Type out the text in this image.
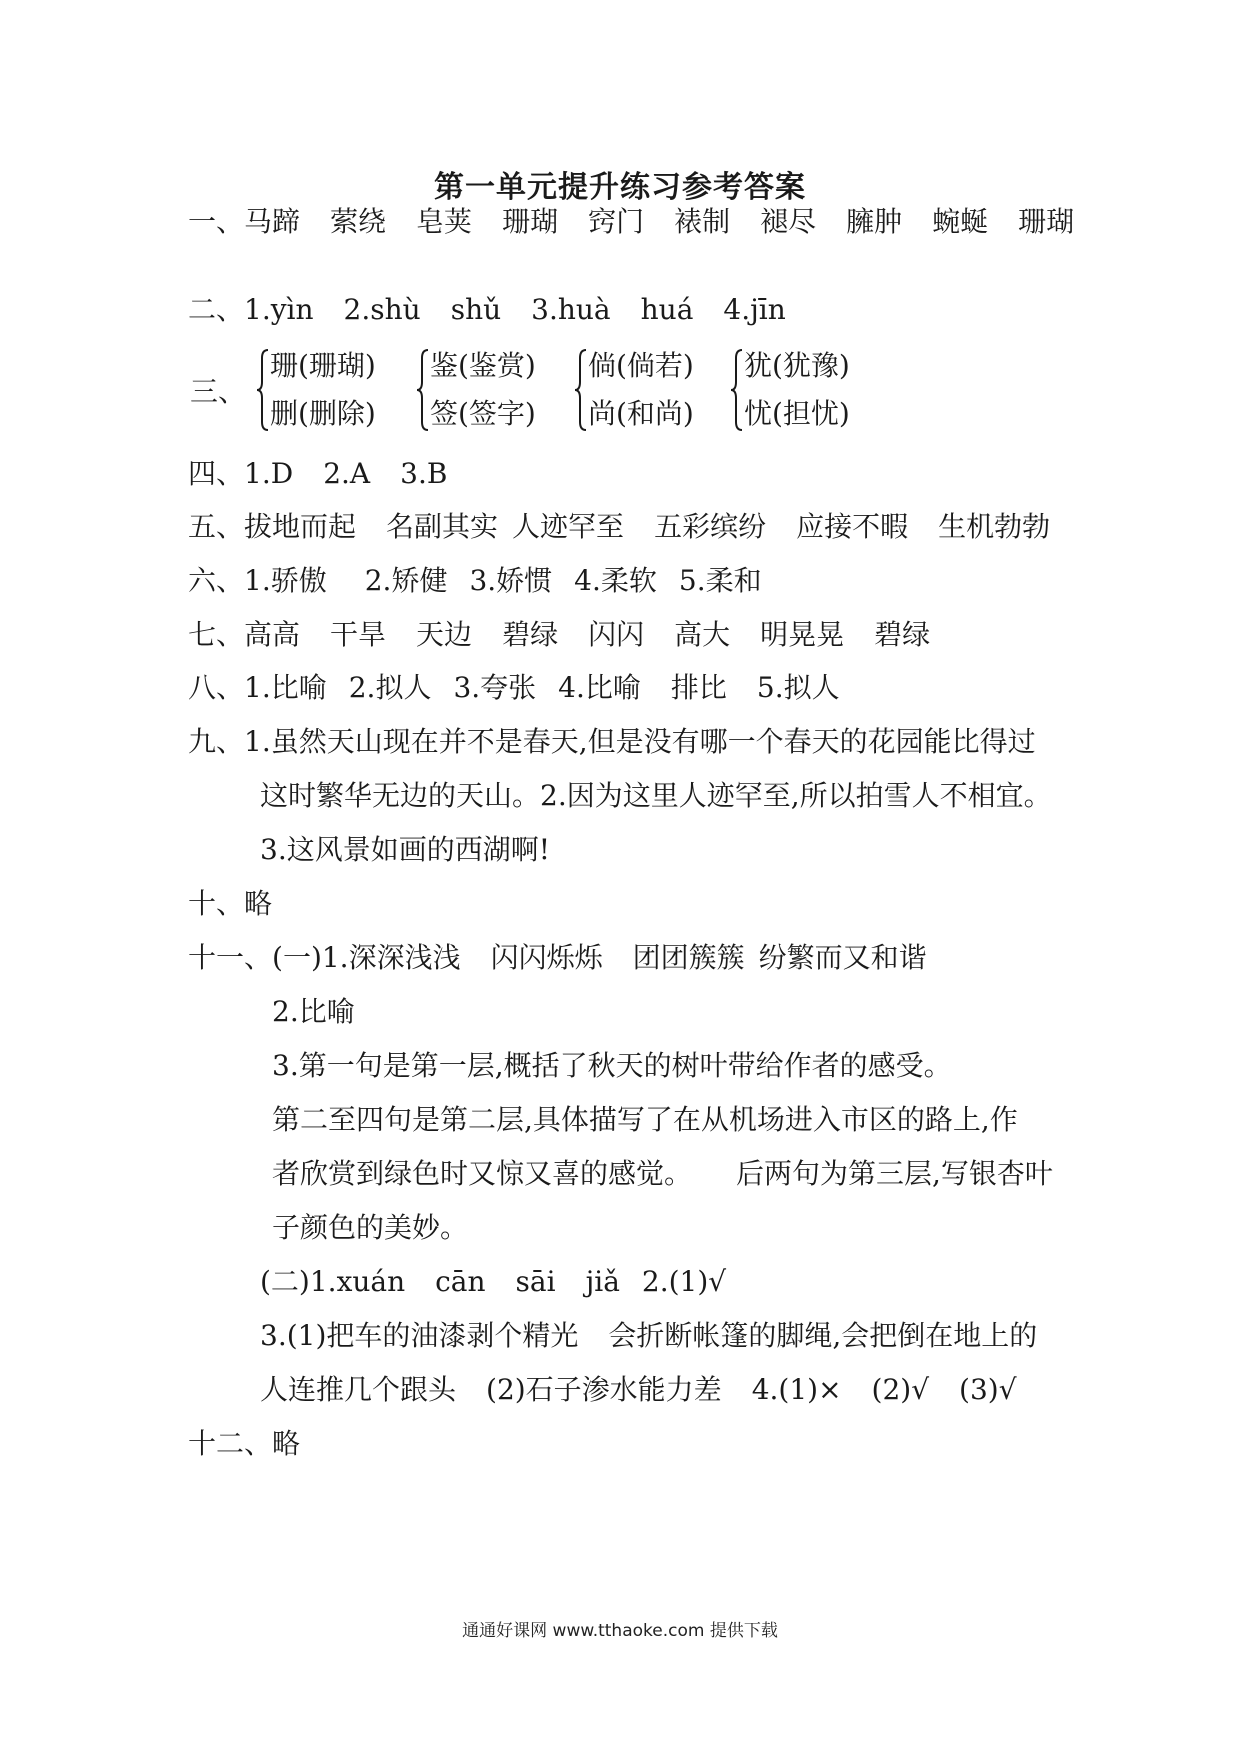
第一单元提升练习参考答案
一、马蹄 萦绕 皂荚 珊瑚 窍门 裱制 褪尽 臃肿 蜿蜒 珊瑚
二、1.yìn 2.shù shǔ 3.huà huá 4.jīn
三、
珊(珊瑚)
删(删除)
鉴(鉴赏)
签(签字)
倘(倘若)
尚(和尚)
犹(犹豫)
忧(担忧)
四、1.D 2.A 3.B
五、拔地而起 名副其实 人迹罕至 五彩缤纷 应接不暇 生机勃勃
六、1.骄傲 2.矫健 3.娇惯 4.柔软 5.柔和
七、高高 干旱 天边 碧绿 闪闪 高大 明晃晃 碧绿
八、1.比喻 2.拟人 3.夸张 4.比喻 排比 5.拟人
九、1.虽然天山现在并不是春天,但是没有哪一个春天的花园能比得过
这时繁华无边的天山。2.因为这里人迹罕至,所以拍雪人不相宜。
3.这风景如画的西湖啊!
十、略
十一、(一)1.深深浅浅 闪闪烁烁 团团簇簇 纷繁而又和谐
2.比喻
3.第一句是第一层,概括了秋天的树叶带给作者的感受。
第二至四句是第二层,具体描写了在从机场进入市区的路上,作
者欣赏到绿色时又惊又喜的感觉。 后两句为第三层,写银杏叶
子颜色的美妙。
(二)1.xuán cān sāi jiǎ 2.(1)√
3.(1)把车的油漆剥个精光 会折断帐篷的脚绳,会把倒在地上的
人连推几个跟头 (2)石子渗水能力差 4.(1)× (2)√ (3)√
十二、略
通通好课网 www.tthaoke.com 提供下载
